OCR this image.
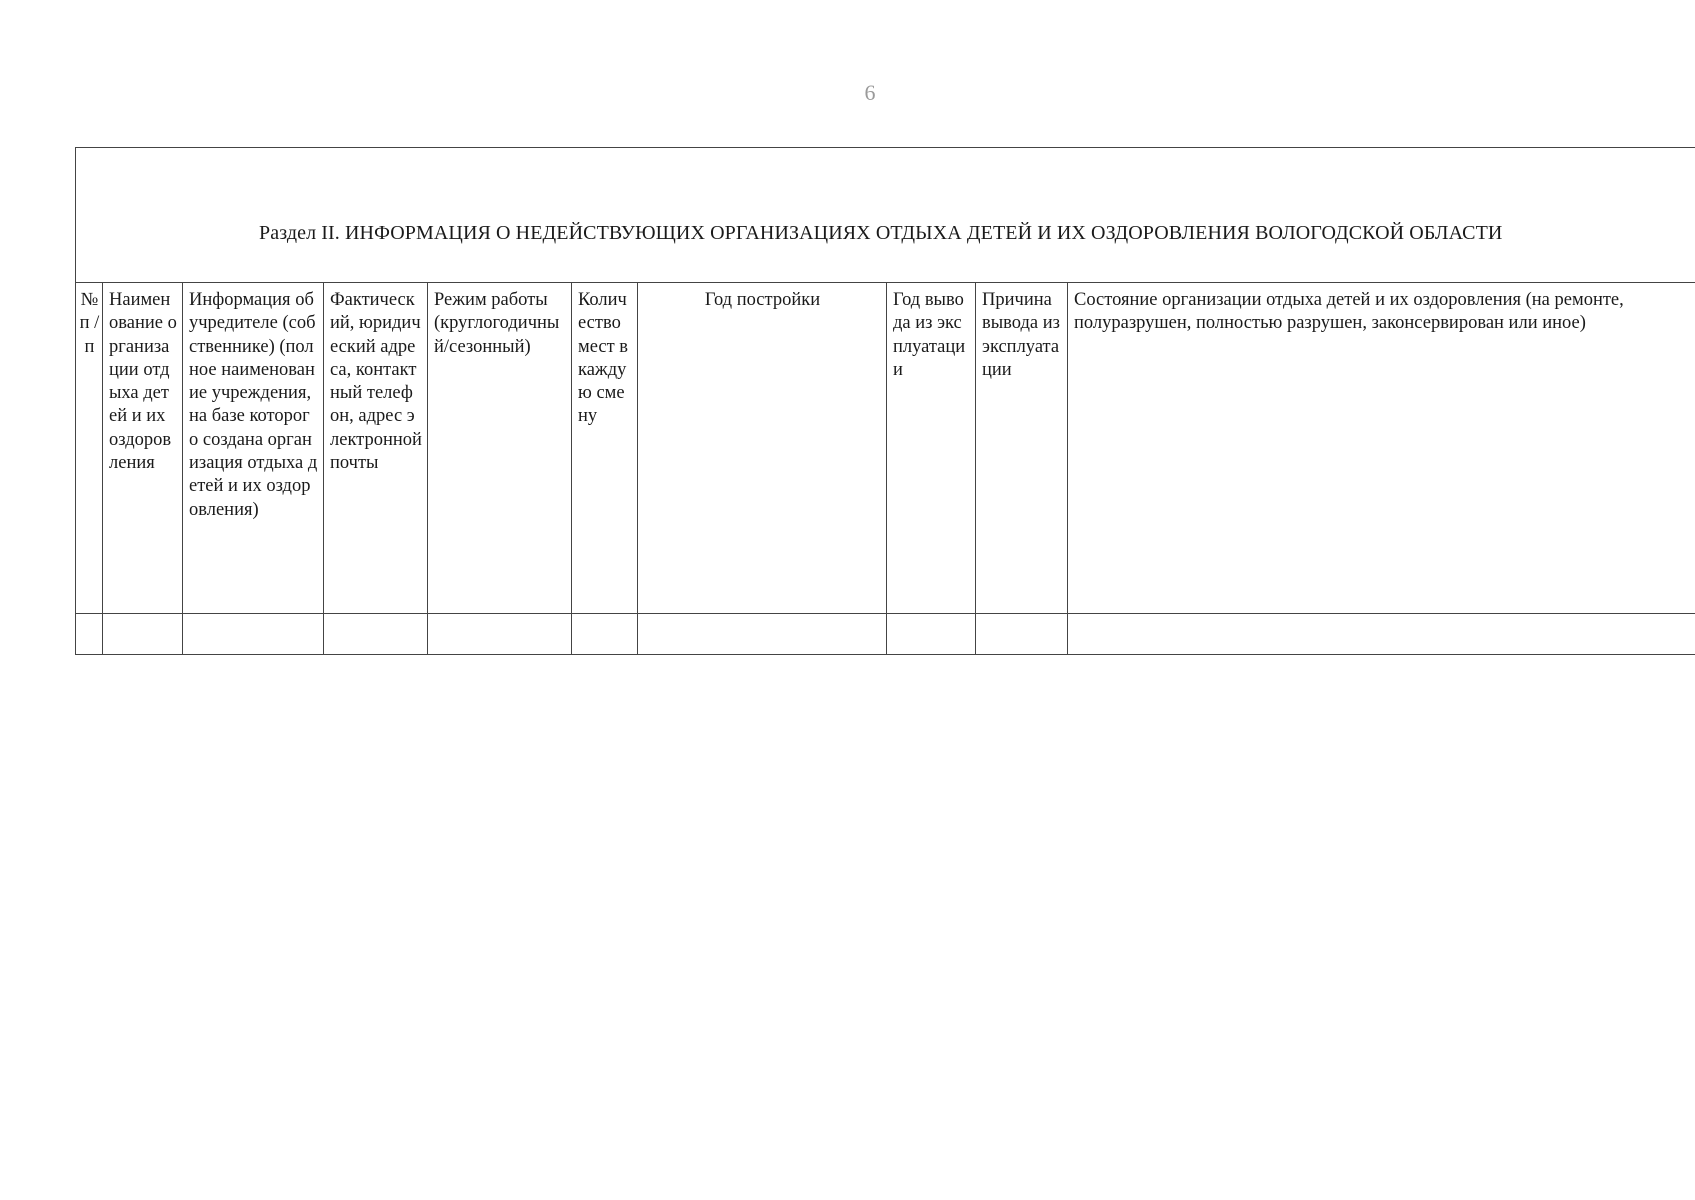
6
Раздел II. ИНФОРМАЦИЯ О НЕДЕЙСТВУЮЩИХ ОРГАНИЗАЦИЯХ ОТДЫХА ДЕТЕЙ И ИХ ОЗДОРОВЛЕНИЯ ВОЛОГОДСКОЙ ОБЛАСТИ									

№ п / п	Наименование организации отдыха детей и их оздоровления	Информация об учредителе (собственнике) (полное наименование учреждения, на базе которого создана организация отдыха детей и их оздоровления)	Фактический, юридический адреса, контактный телефон, адрес электронной почты	Режим работы (круглогодичный/сезонный)	Количество мест в каждую смену	Год постройки	Год вывода из эксплуатации	Причина вывода из эксплуатации	Состояние организации отдыха детей и их оздоровления (на ремонте, полуразрушен, полностью разрушен, законсервирован или иное)
